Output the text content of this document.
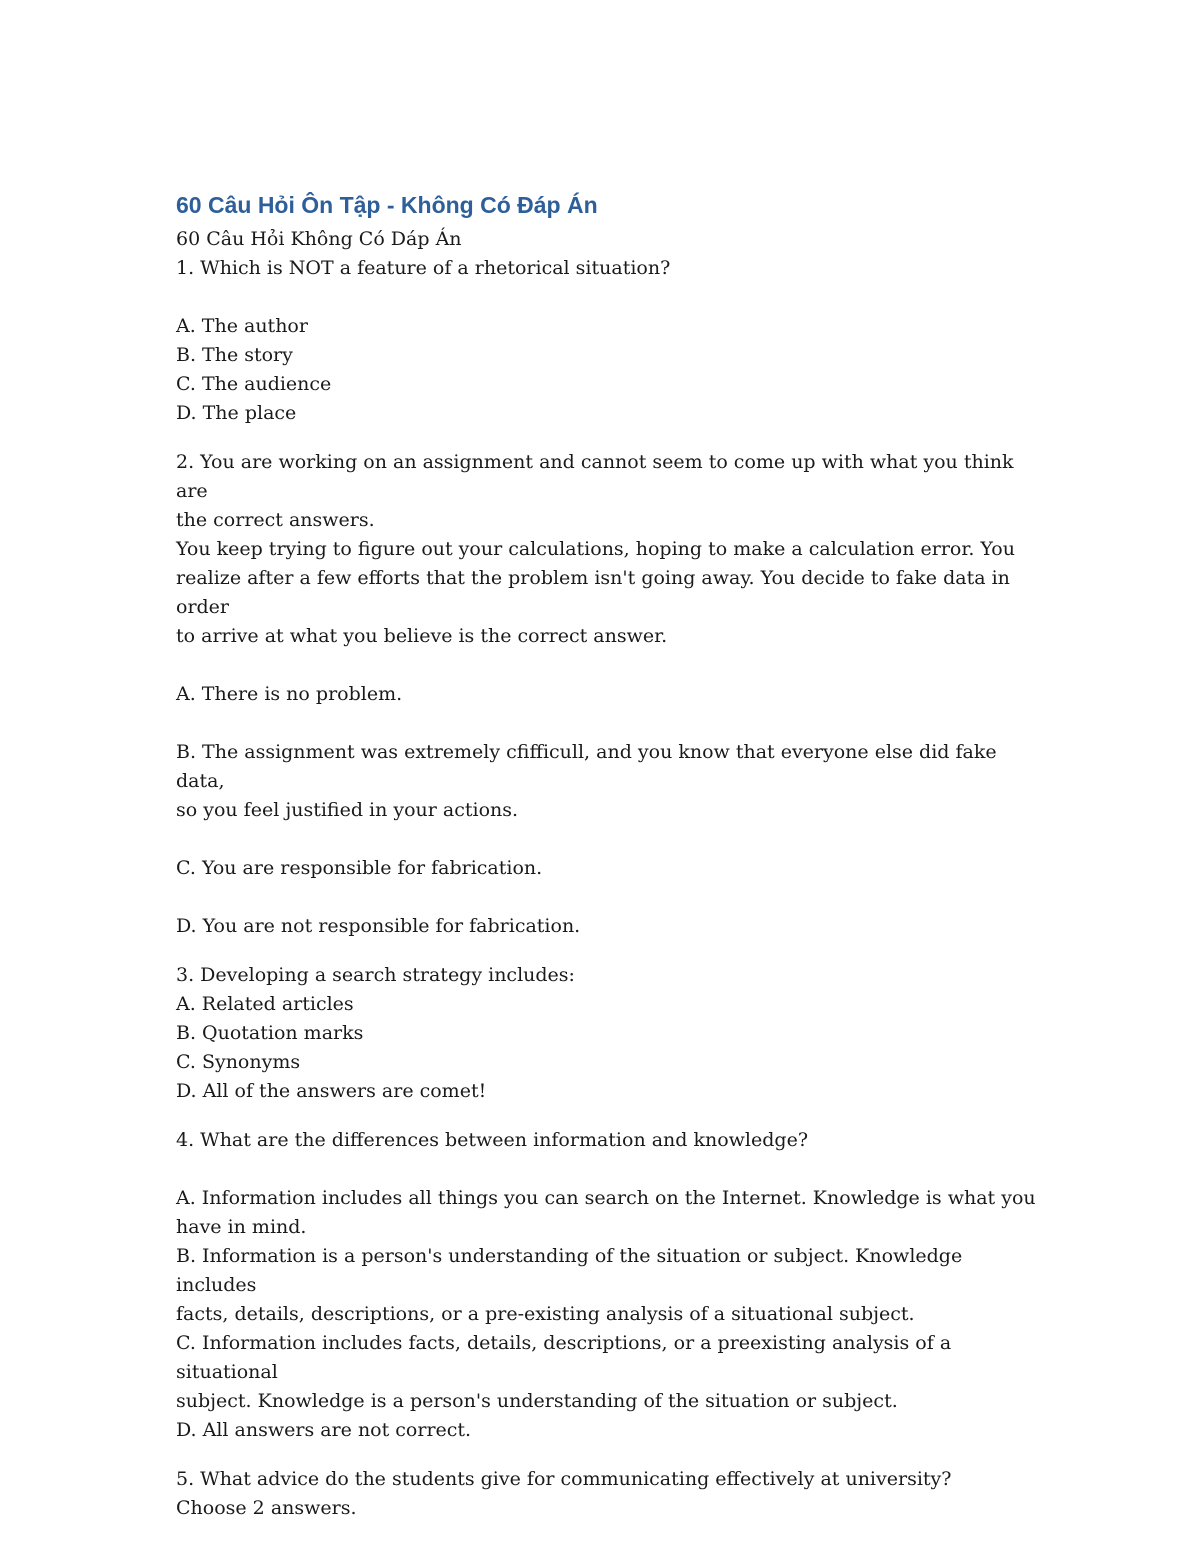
60 Câu Hỏi Ôn Tập - Không Có Đáp Án

60 Câu Hỏi Không Có Dáp Án

1. Which is NOT a feature of a rhetorical situation?

A. The author

B. The story

C. The audience

D. The place

2. You are working on an assignment and cannot seem to come up with what you think are

the correct answers.

You keep trying to figure out your calculations, hoping to make a calculation error. You

realize after a few efforts that the problem isn't going away. You decide to fake data in order

to arrive at what you believe is the correct answer.

A. There is no problem.

B. The assignment was extremely cfifficull, and you know that everyone else did fake data,

so you feel justified in your actions.

C. You are responsible for fabrication.

D. You are not responsible for fabrication.

3. Developing a search strategy includes:

A. Related articles

B. Quotation marks

C. Synonyms

D. All of the answers are comet!

4. What are the differences between information and knowledge?

A. Information includes all things you can search on the Internet. Knowledge is what you

have in mind.

B. Information is a person's understanding of the situation or subject. Knowledge includes

facts, details, descriptions, or a pre-existing analysis of a situational subject.

C. Information includes facts, details, descriptions, or a preexisting analysis of a situational

subject. Knowledge is a person's understanding of the situation or subject.

D. All answers are not correct.

5. What advice do the students give for communicating effectively at university?

Choose 2 answers.
